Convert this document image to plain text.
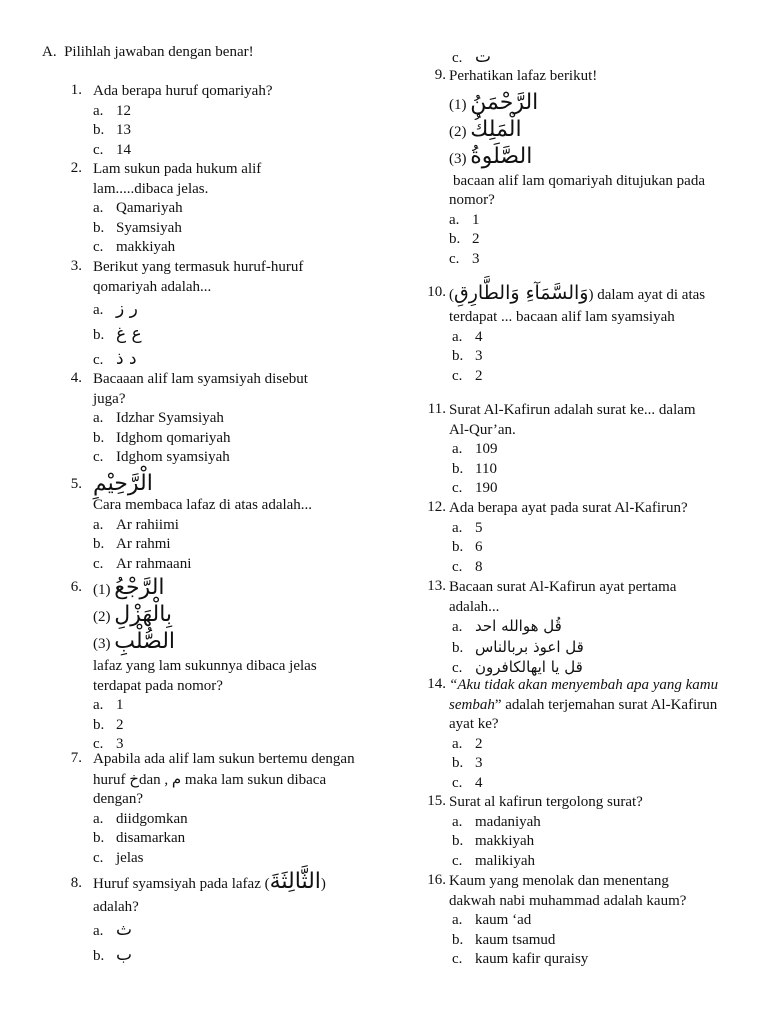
A. Pilihlah jawaban dengan benar!
1. Ada berapa huruf qomariyah?
a. 12
b. 13
c. 14
2. Lam sukun pada hukum alif lam.....dibaca jelas.
a. Qamariyah
b. Syamsiyah
c. makkiyah
3. Berikut yang termasuk huruf-huruf qomariyah adalah...
a. ر ز
b. ع غ
c. د ذ
4. Bacaaan alif lam syamsiyah disebut juga?
a. Idzhar Syamsiyah
b. Idghom qomariyah
c. Idghom syamsiyah
5. الْرَّحِيْمِ
Cara membaca lafaz di atas adalah...
a. Ar rahiimi
b. Ar rahmi
c. Ar rahmaani
6. (1) الرَّجْعُ
(2) بِالْهَزْلِ
(3) الصُّلْبِ
lafaz yang lam sukunnya dibaca jelas terdapat pada nomor?
a. 1
b. 2
c. 3
7. Apabila ada alif lam sukun bertemu dengan huruf خdan , م maka lam sukun dibaca dengan?
a. diidgomkan
b. disamarkan
c. jelas
8. Huruf syamsiyah pada lafaz (الثَّالِثَةَ)
adalah?
a. ث
b. ب
c. ت
9. Perhatikan lafaz berikut!
(1) الرَّحْمَنُ
(2) الْمَلِكُ
(3) الصَّلَوةُ
bacaan alif lam qomariyah ditujukan pada nomor?
a. 1
b. 2
c. 3
10. (وَالسَّمَآءِ وَالطَّارِقِ) dalam ayat di atas terdapat ... bacaan alif lam syamsiyah
a. 4
b. 3
c. 2
11. Surat Al-Kafirun adalah surat ke... dalam Al-Qur’an.
a. 109
b. 110
c. 190
12. Ada berapa ayat pada surat Al-Kafirun?
a. 5
b. 6
c. 8
13. Bacaan surat Al-Kafirun ayat pertama adalah...
a. قُل هوالله احد
b. قل اعوذ بربالناس
c. قل يا ايهالكافرون
14. “Aku tidak akan menyembah apa yang kamu sembah” adalah terjemahan surat Al-Kafirun ayat ke?
a. 2
b. 3
c. 4
15. Surat al kafirun tergolong surat?
a. madaniyah
b. makkiyah
c. malikiyah
16. Kaum yang menolak dan menentang dakwah nabi muhammad adalah kaum?
a. kaum ‘ad
b. kaum tsamud
c. kaum kafir quraisy
